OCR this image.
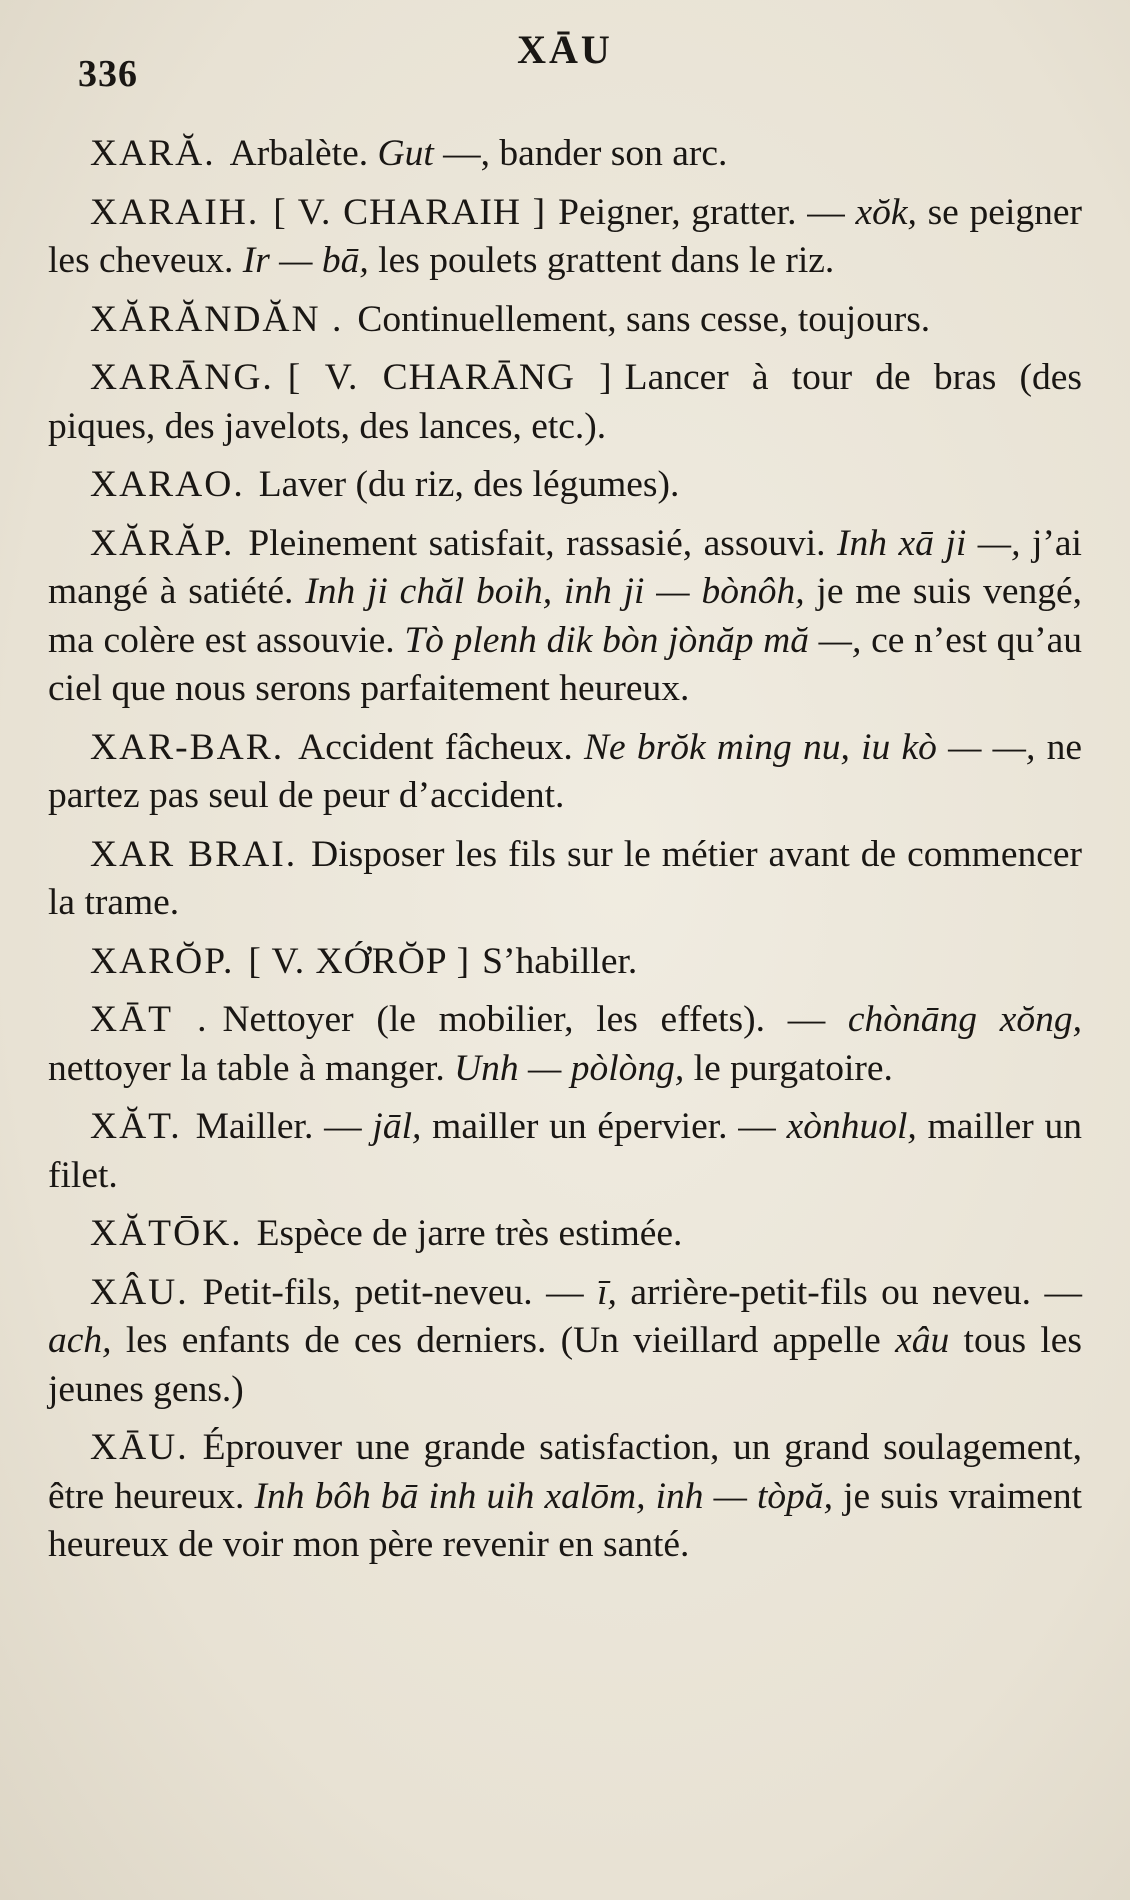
336
XĀU

XARĂ. Arbalète. Gut —, bander son arc.

XARAIH. [ V. CHARAIH ] Peigner, gratter. — xŏk, se peigner les cheveux. Ir — bā, les poulets grattent dans le riz.

XĂRĂNDĂN . Continuellement, sans cesse, toujours.

XARĀNG. [ V. CHARĀNG ] Lancer à tour de bras (des piques, des javelots, des lances, etc.).

XARAO. Laver (du riz, des légumes).

XĂRĂP. Pleinement satisfait, rassasié, assouvi. Inh xā ji —, j’ai mangé à satiété. Inh ji chăl boih, inh ji — bònôh, je me suis vengé, ma colère est assouvie. Tò plenh dik bòn jònăp mă —, ce n’est qu’au ciel que nous serons parfaitement heureux.

XAR-BAR. Accident fâcheux. Ne brŏk ming nu, iu kò — —, ne partez pas seul de peur d’accident.

XAR BRAI. Disposer les fils sur le métier avant de commencer la trame.

XARŎP. [ V. XỚRŎP ] S’habiller.

XĀT . Nettoyer (le mobilier, les effets). — chònāng xŏng, nettoyer la table à manger. Unh — pòlòng, le purgatoire.

XĂT. Mailler. — jāl, mailler un épervier. — xònhuol, mailler un filet.

XĂTŌK. Espèce de jarre très estimée.

XÂU. Petit-fils, petit-neveu. — ī, arrière-petit-fils ou neveu. — ach, les enfants de ces derniers. (Un vieillard appelle xâu tous les jeunes gens.)

XĀU. Éprouver une grande satisfaction, un grand soulagement, être heureux. Inh bôh bā inh uih xalōm, inh — tòpă, je suis vraiment heureux de voir mon père revenir en santé.
